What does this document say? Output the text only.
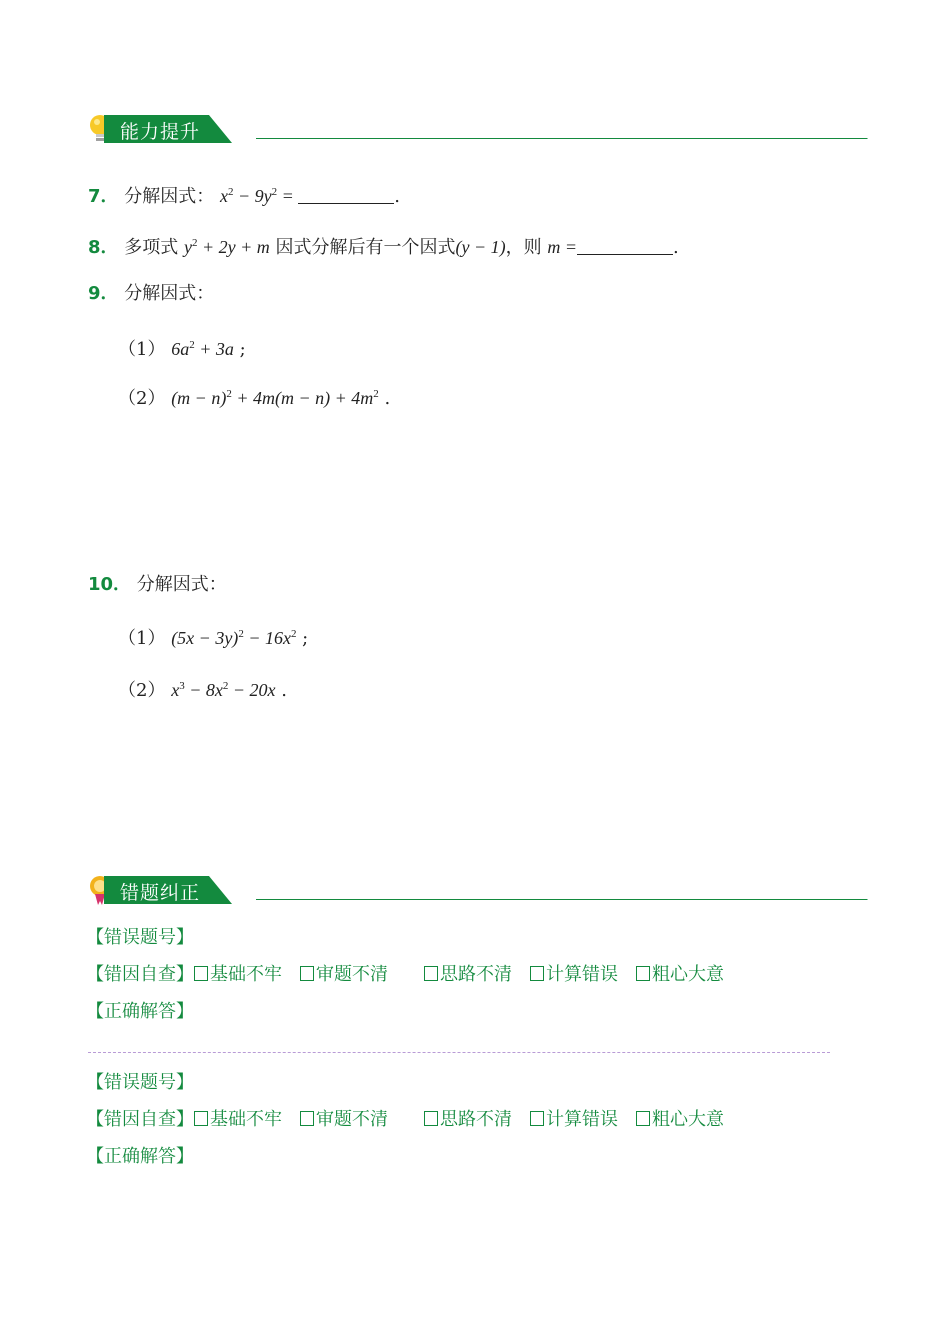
能力提升
7． 分解因式： $x^2 - 9y^2$ =	.
8． 多项式 $y^2 + 2y + m$ 因式分解后有一个因式(y − 1)，则 m =	.
9． 分解因式：
（1） $6a^2 + 3a$ ;
（2） $(m - n)^2 + 4m(m - n) + 4m^2$ .
10． 分解因式：
（1） $(5x - 3y)^2 - 16x^2$ ;
（2） $x^3 - 8x^2 - 20x$ .
错题纠正
【错误题号】
【错因自查】 基础不牢 审题不清	思路不清 计算错误 粗心大意
【正确解答】
【错误题号】
【错因自查】 基础不牢 审题不清	思路不清 计算错误 粗心大意
【正确解答】
